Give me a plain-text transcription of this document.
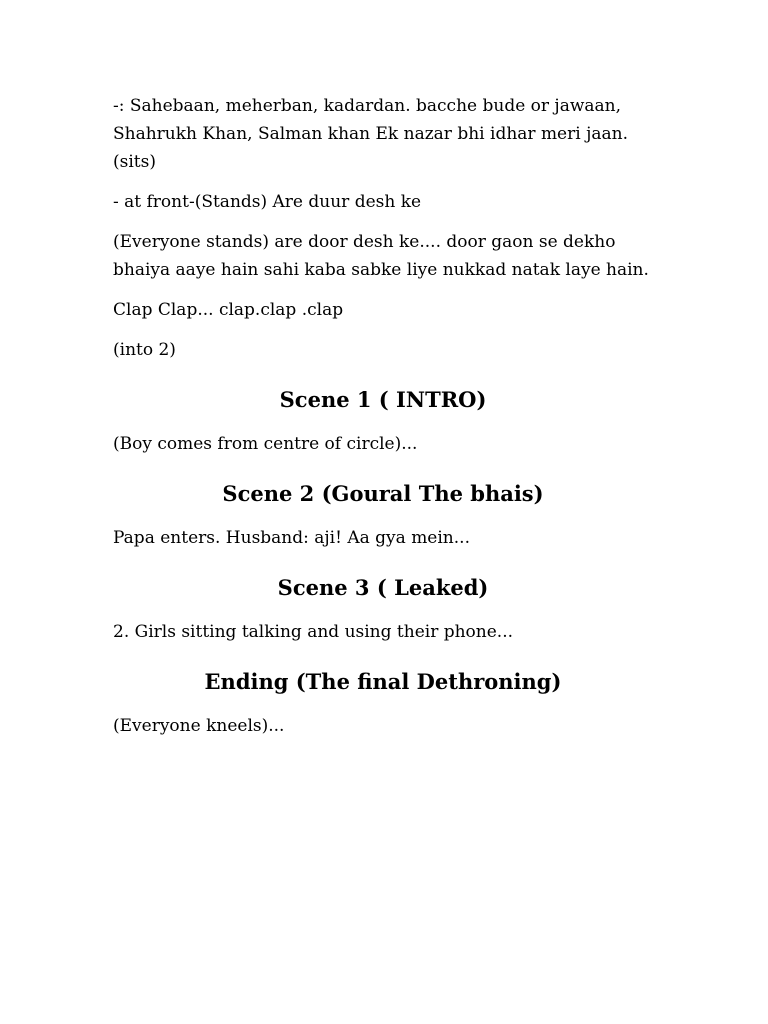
-: Sahebaan, meherban, kadardan. bacche bude or jawaan,
Shahrukh Khan, Salman khan Ek nazar bhi idhar meri jaan.
(sits)

- at front-(Stands) Are duur desh ke

(Everyone stands) are door desh ke.... door gaon se dekho
bhaiya aaye hain sahi kaba sabke liye nukkad natak laye hain.

Clap Clap... clap.clap .clap

(into 2)

Scene 1 ( INTRO)

(Boy comes from centre of circle)...

Scene 2 (Goural The bhais)

Papa enters. Husband: aji! Aa gya mein...

Scene 3 ( Leaked)

2. Girls sitting talking and using their phone...

Ending (The final Dethroning)

(Everyone kneels)...
